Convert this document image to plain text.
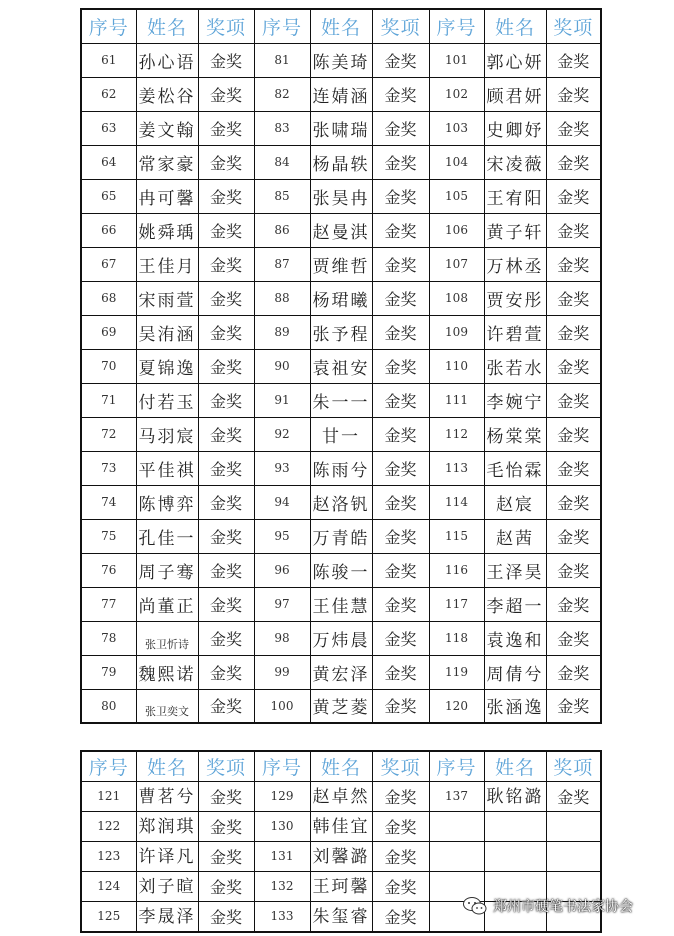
序号	姓名	奖项	序号	姓名	奖项	序号	姓名	奖项
61	孙心语	金奖	81	陈美琦	金奖	101	郭心妍	金奖
62	姜松谷	金奖	82	连婧涵	金奖	102	顾君妍	金奖
63	姜文翰	金奖	83	张啸瑞	金奖	103	史卿妤	金奖
64	常家豪	金奖	84	杨晶轶	金奖	104	宋凌薇	金奖
65	冉可馨	金奖	85	张昊冉	金奖	105	王宥阳	金奖
66	姚舜瑀	金奖	86	赵曼淇	金奖	106	黄子轩	金奖
67	王佳月	金奖	87	贾维哲	金奖	107	万林丞	金奖
68	宋雨萱	金奖	88	杨珺曦	金奖	108	贾安彤	金奖
69	吴洧涵	金奖	89	张予程	金奖	109	许碧萱	金奖
70	夏锦逸	金奖	90	袁祖安	金奖	110	张若水	金奖
71	付若玉	金奖	91	朱一一	金奖	111	李婉宁	金奖
72	马羽宸	金奖	92	甘一	金奖	112	杨棠棠	金奖
73	平佳祺	金奖	93	陈雨兮	金奖	113	毛怡霖	金奖
74	陈博弈	金奖	94	赵洛钒	金奖	114	赵宸	金奖
75	孔佳一	金奖	95	万青皓	金奖	115	赵茜	金奖
76	周子骞	金奖	96	陈骏一	金奖	116	王泽昊	金奖
77	尚董正	金奖	97	王佳慧	金奖	117	李超一	金奖
78	张卫忻诗	金奖	98	万炜晨	金奖	118	袁逸和	金奖
79	魏熙诺	金奖	99	黄宏泽	金奖	119	周倩兮	金奖
80	张卫奕文	金奖	100	黄芝菱	金奖	120	张涵逸	金奖
序号	姓名	奖项	序号	姓名	奖项	序号	姓名	奖项
121	曹茗兮	金奖	129	赵卓然	金奖	137	耿铭潞	金奖
122	郑润琪	金奖	130	韩佳宜	金奖			
123	许译凡	金奖	131	刘馨潞	金奖			
124	刘子暄	金奖	132	王珂馨	金奖			
125	李晟泽	金奖	133	朱玺睿	金奖			
郑州市硬笔书法家协会
